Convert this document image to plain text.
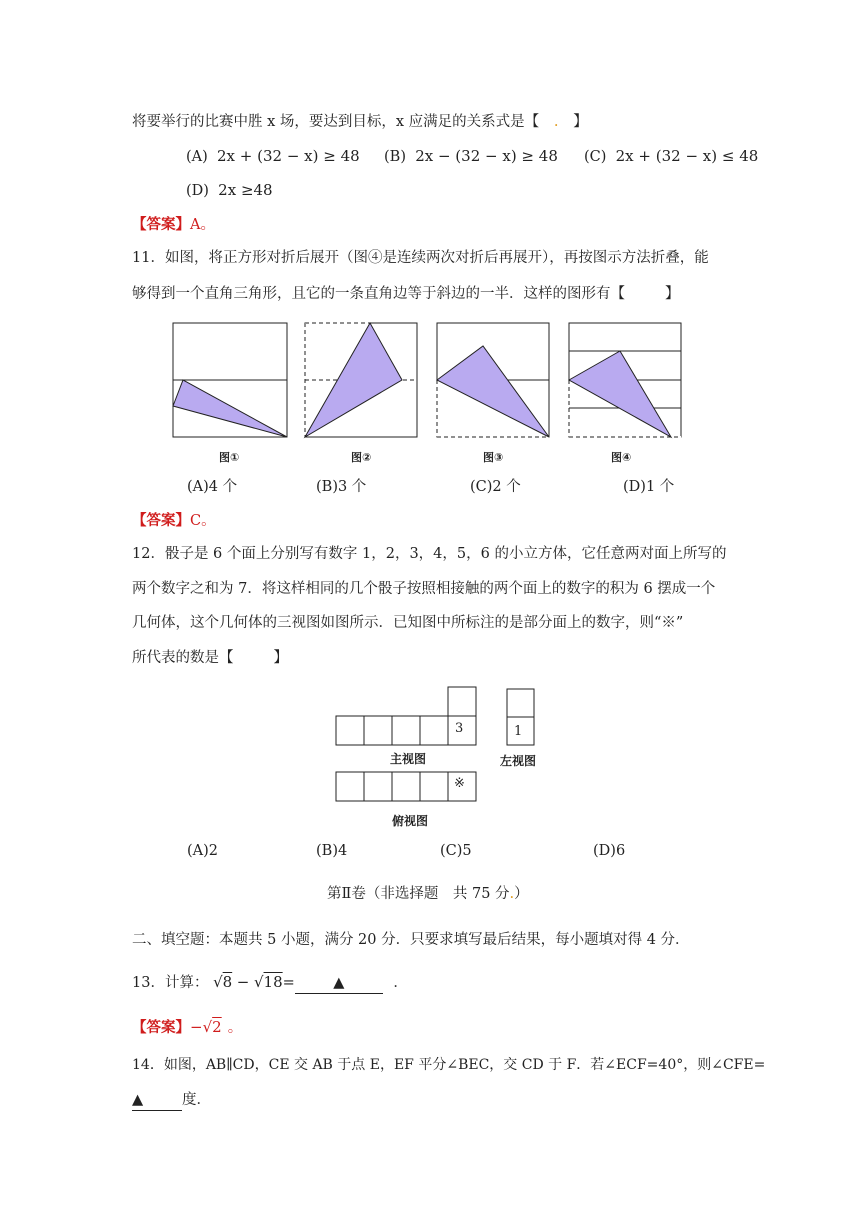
将要举行的比赛中胜 x 场，要达到目标，x 应满足的关系式是【 . 】
(A) 2x + (32 − x) ≥ 48 (B) 2x − (32 − x) ≥ 48 (C) 2x + (32 − x) ≤ 48
(D) 2x ≥48
【答案】A。
11．如图，将正方形对折后展开（图④是连续两次对折后再展开），再按图示方法折叠，能
够得到一个直角三角形，且它的一条直角边等于斜边的一半．这样的图形有【	】
图①	图②	图③	图④
(A)4 个	(B)3 个	(C)2 个	(D)1 个
【答案】C。
12．骰子是 6 个面上分别写有数字 1，2，3，4，5，6 的小立方体，它任意两对面上所写的
两个数字之和为 7．将这样相同的几个骰子按照相接触的两个面上的数字的积为 6 摆成一个
几何体，这个几何体的三视图如图所示．已知图中所标注的是部分面上的数字，则“※”
所代表的数是【	】
3	1
※
主视图	左视图
俯视图
(A)2	(B)4	(C)5	(D)6
第Ⅱ卷（非选择题　共 75 分.）
二、填空题：本题共 5 小题，满分 20 分．只要求填写最后结果，每小题填对得 4 分．
13．计算： √8 − √18=	▲	．
【答案】−√2 。
14．如图，AB∥CD，CE 交 AB 于点 E，EF 平分∠BEC，交 CD 于 F．若∠ECF=40°，则∠CFE=
▲	度．
